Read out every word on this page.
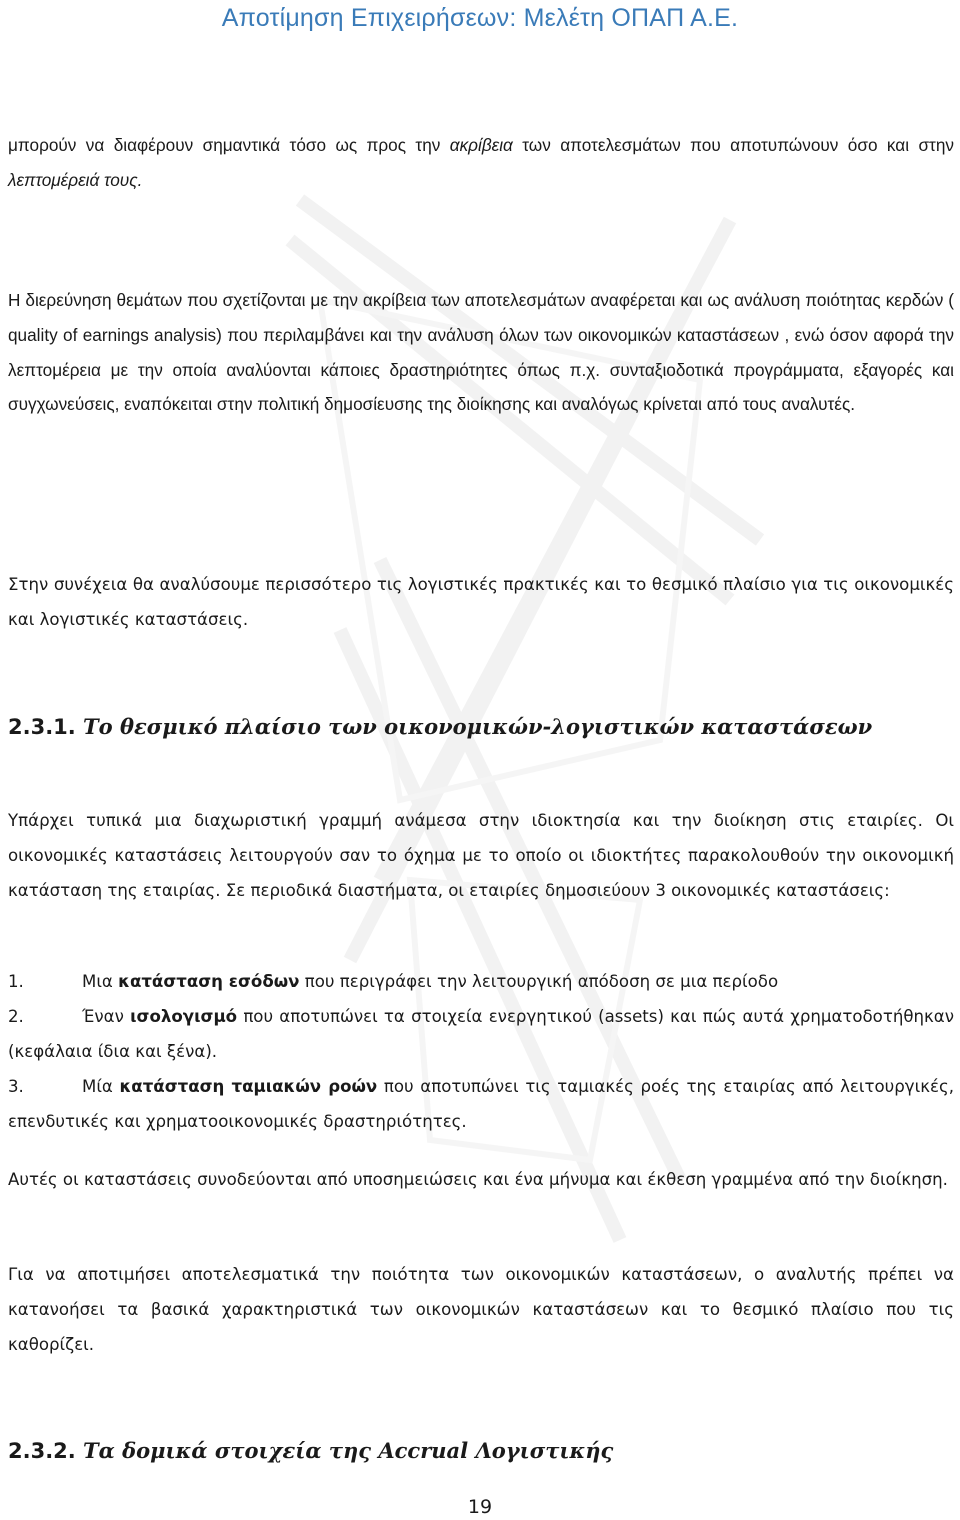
Αποτίμηση Επιχειρήσεων: Μελέτη ΟΠΑΠ Α.Ε.

μπορούν να διαφέρουν σημαντικά τόσο ως προς την ακρίβεια των αποτελεσμάτων που αποτυπώνουν όσο και στην λεπτομέρειά τους.

Η διερεύνηση θεμάτων που σχετίζονται με την ακρίβεια των αποτελεσμάτων αναφέρεται και ως ανάλυση ποιότητας κερδών ( quality of earnings analysis) που περιλαμβάνει και την ανάλυση όλων των οικονομικών καταστάσεων , ενώ όσον αφορά την λεπτομέρεια με την οποία αναλύονται κάποιες δραστηριότητες όπως π.χ. συνταξιοδοτικά προγράμματα, εξαγορές και συγχωνεύσεις, εναπόκειται στην πολιτική δημοσίευσης της διοίκησης και αναλόγως κρίνεται από τους αναλυτές.

Στην συνέχεια θα αναλύσουμε περισσότερο τις λογιστικές πρακτικές και το θεσμικό πλαίσιο για τις οικονομικές και λογιστικές καταστάσεις.

2.3.1. Το θεσμικό πλαίσιο των οικονομικών-λογιστικών καταστάσεων

Υπάρχει τυπικά μια διαχωριστική γραμμή ανάμεσα στην ιδιοκτησία και την διοίκηση στις εταιρίες. Οι οικονομικές καταστάσεις λειτουργούν σαν το όχημα με το οποίο οι ιδιοκτήτες παρακολουθούν την οικονομική κατάσταση της εταιρίας. Σε περιοδικά διαστήματα, οι εταιρίες δημοσιεύουν 3 οικονομικές καταστάσεις:

1.	Μια κατάσταση εσόδων που περιγράφει την λειτουργική απόδοση σε μια περίοδο

2.	Έναν ισολογισμό που αποτυπώνει τα στοιχεία ενεργητικού (assets) και πώς αυτά χρηματοδοτήθηκαν (κεφάλαια ίδια και ξένα).

3.	Μία κατάσταση ταμιακών ροών που αποτυπώνει τις ταμιακές ροές της εταιρίας από λειτουργικές, επενδυτικές και χρηματοοικονομικές δραστηριότητες.

Αυτές οι καταστάσεις συνοδεύονται από υποσημειώσεις και ένα μήνυμα και έκθεση γραμμένα από την διοίκηση.

Για να αποτιμήσει αποτελεσματικά την ποιότητα των οικονομικών καταστάσεων, ο αναλυτής πρέπει να κατανοήσει τα βασικά χαρακτηριστικά των οικονομικών καταστάσεων και το θεσμικό πλαίσιο που τις καθορίζει.

2.3.2. Τα δομικά στοιχεία της Accrual Λογιστικής
19
